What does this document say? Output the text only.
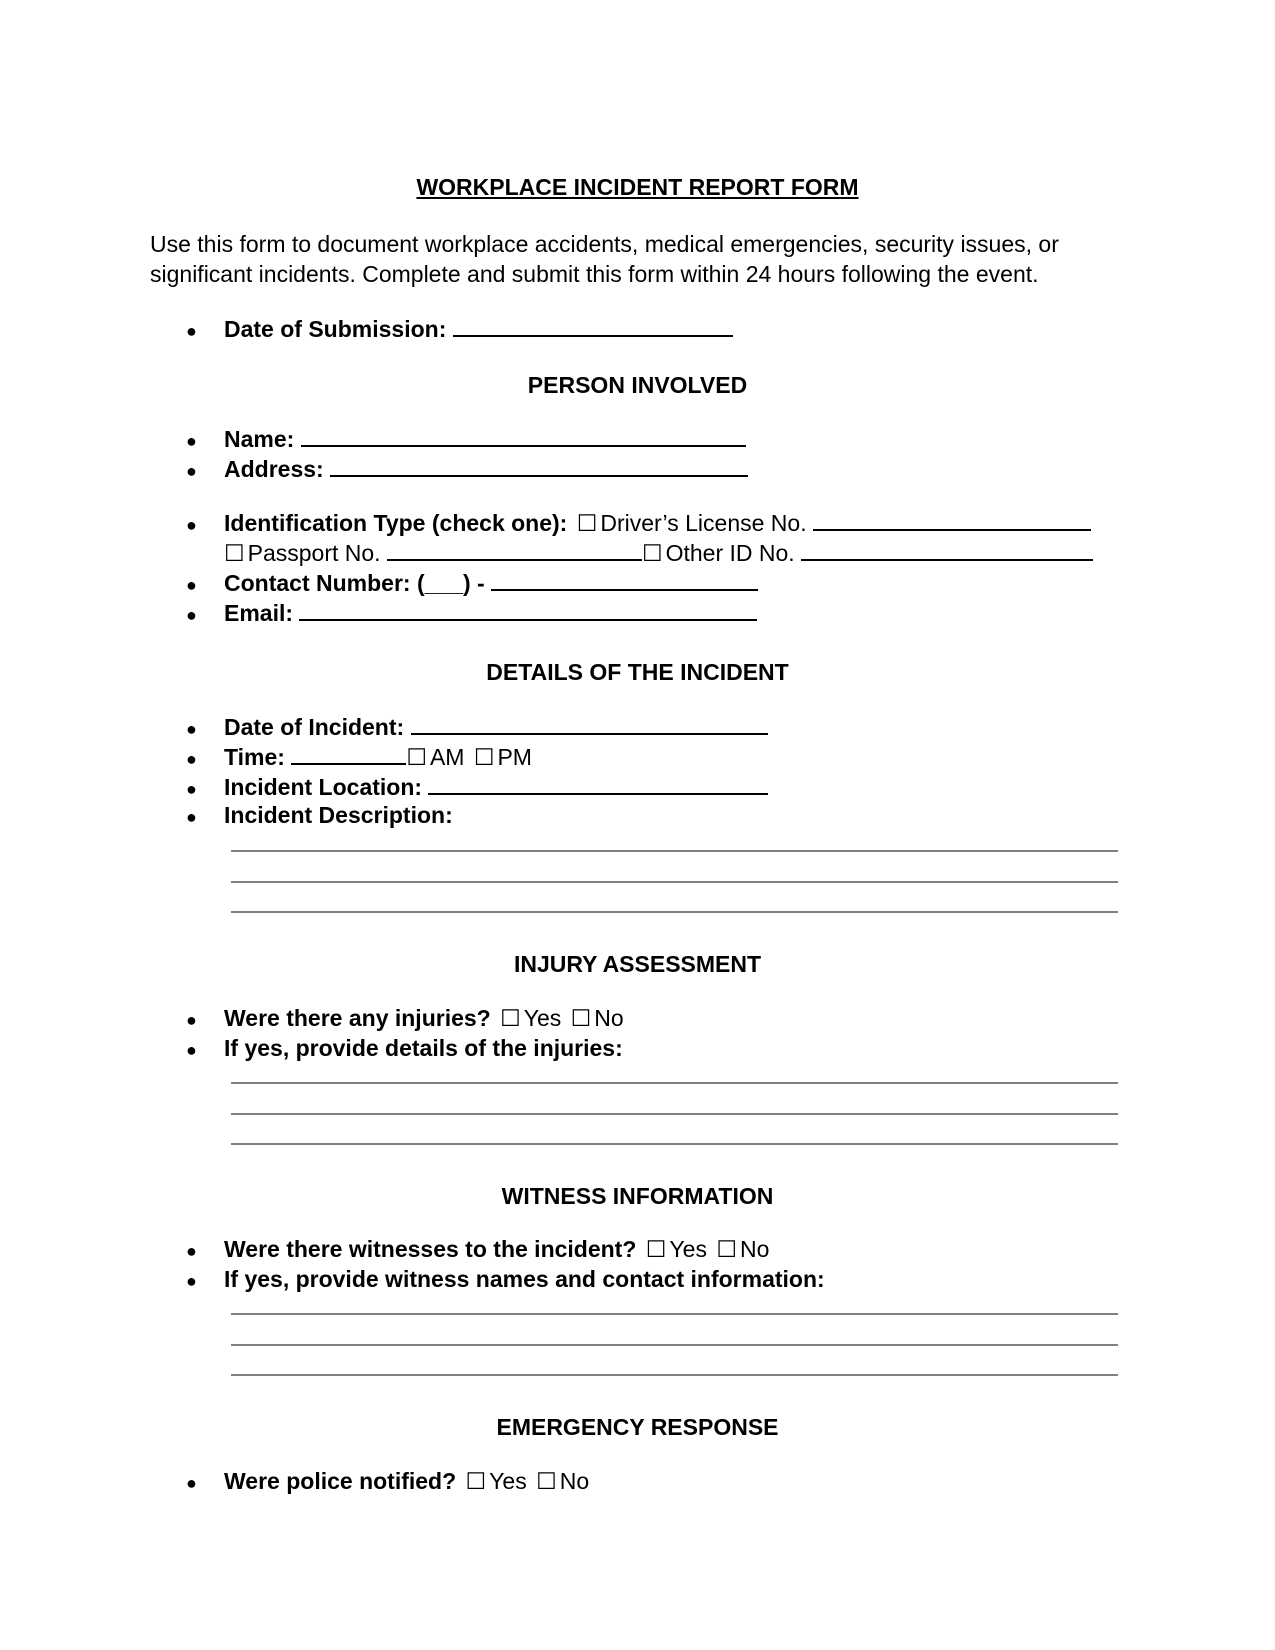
WORKPLACE INCIDENT REPORT FORM
Use this form to document workplace accidents, medical emergencies, security issues, or
significant incidents. Complete and submit this form within 24 hours following the event.
● Date of Submission:
PERSON INVOLVED
● Name:
● Address:
● Identification Type (check one): ☐ Driver’s License No.
☐ Passport No.	☐ Other ID No.
● Contact Number: (___) -
● Email:
DETAILS OF THE INCIDENT
● Date of Incident:
● Time:	☐ AM ☐ PM
● Incident Location:
● Incident Description:
INJURY ASSESSMENT
● Were there any injuries? ☐ Yes ☐ No
● If yes, provide details of the injuries:
WITNESS INFORMATION
● Were there witnesses to the incident? ☐ Yes ☐ No
● If yes, provide witness names and contact information:
EMERGENCY RESPONSE
● Were police notified? ☐ Yes ☐ No
